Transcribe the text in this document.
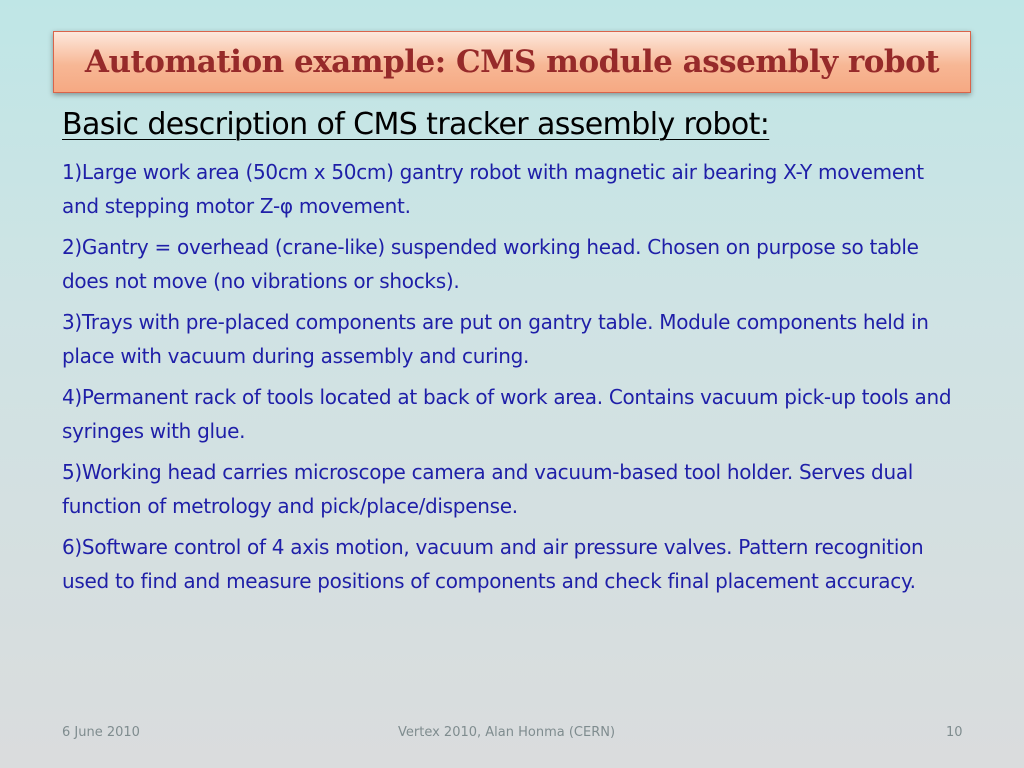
Automation example: CMS module assembly robot
Basic description of CMS tracker assembly robot:
1)Large work area (50cm x 50cm) gantry robot with magnetic air bearing X-Y movement and stepping motor Z-φ movement.
2)Gantry = overhead (crane-like) suspended working head. Chosen on purpose so table does not move (no vibrations or shocks).
3)Trays with pre-placed components are put on gantry table. Module components held in place with vacuum during assembly and curing.
4)Permanent rack of tools located at back of work area. Contains vacuum pick-up tools and syringes with glue.
5)Working head carries microscope camera and vacuum-based tool holder. Serves dual function of metrology and pick/place/dispense.
6)Software control of 4 axis motion, vacuum and air pressure valves. Pattern recognition used to find and measure positions of components and check final placement accuracy.
6 June 2010	Vertex 2010, Alan Honma (CERN)	10
